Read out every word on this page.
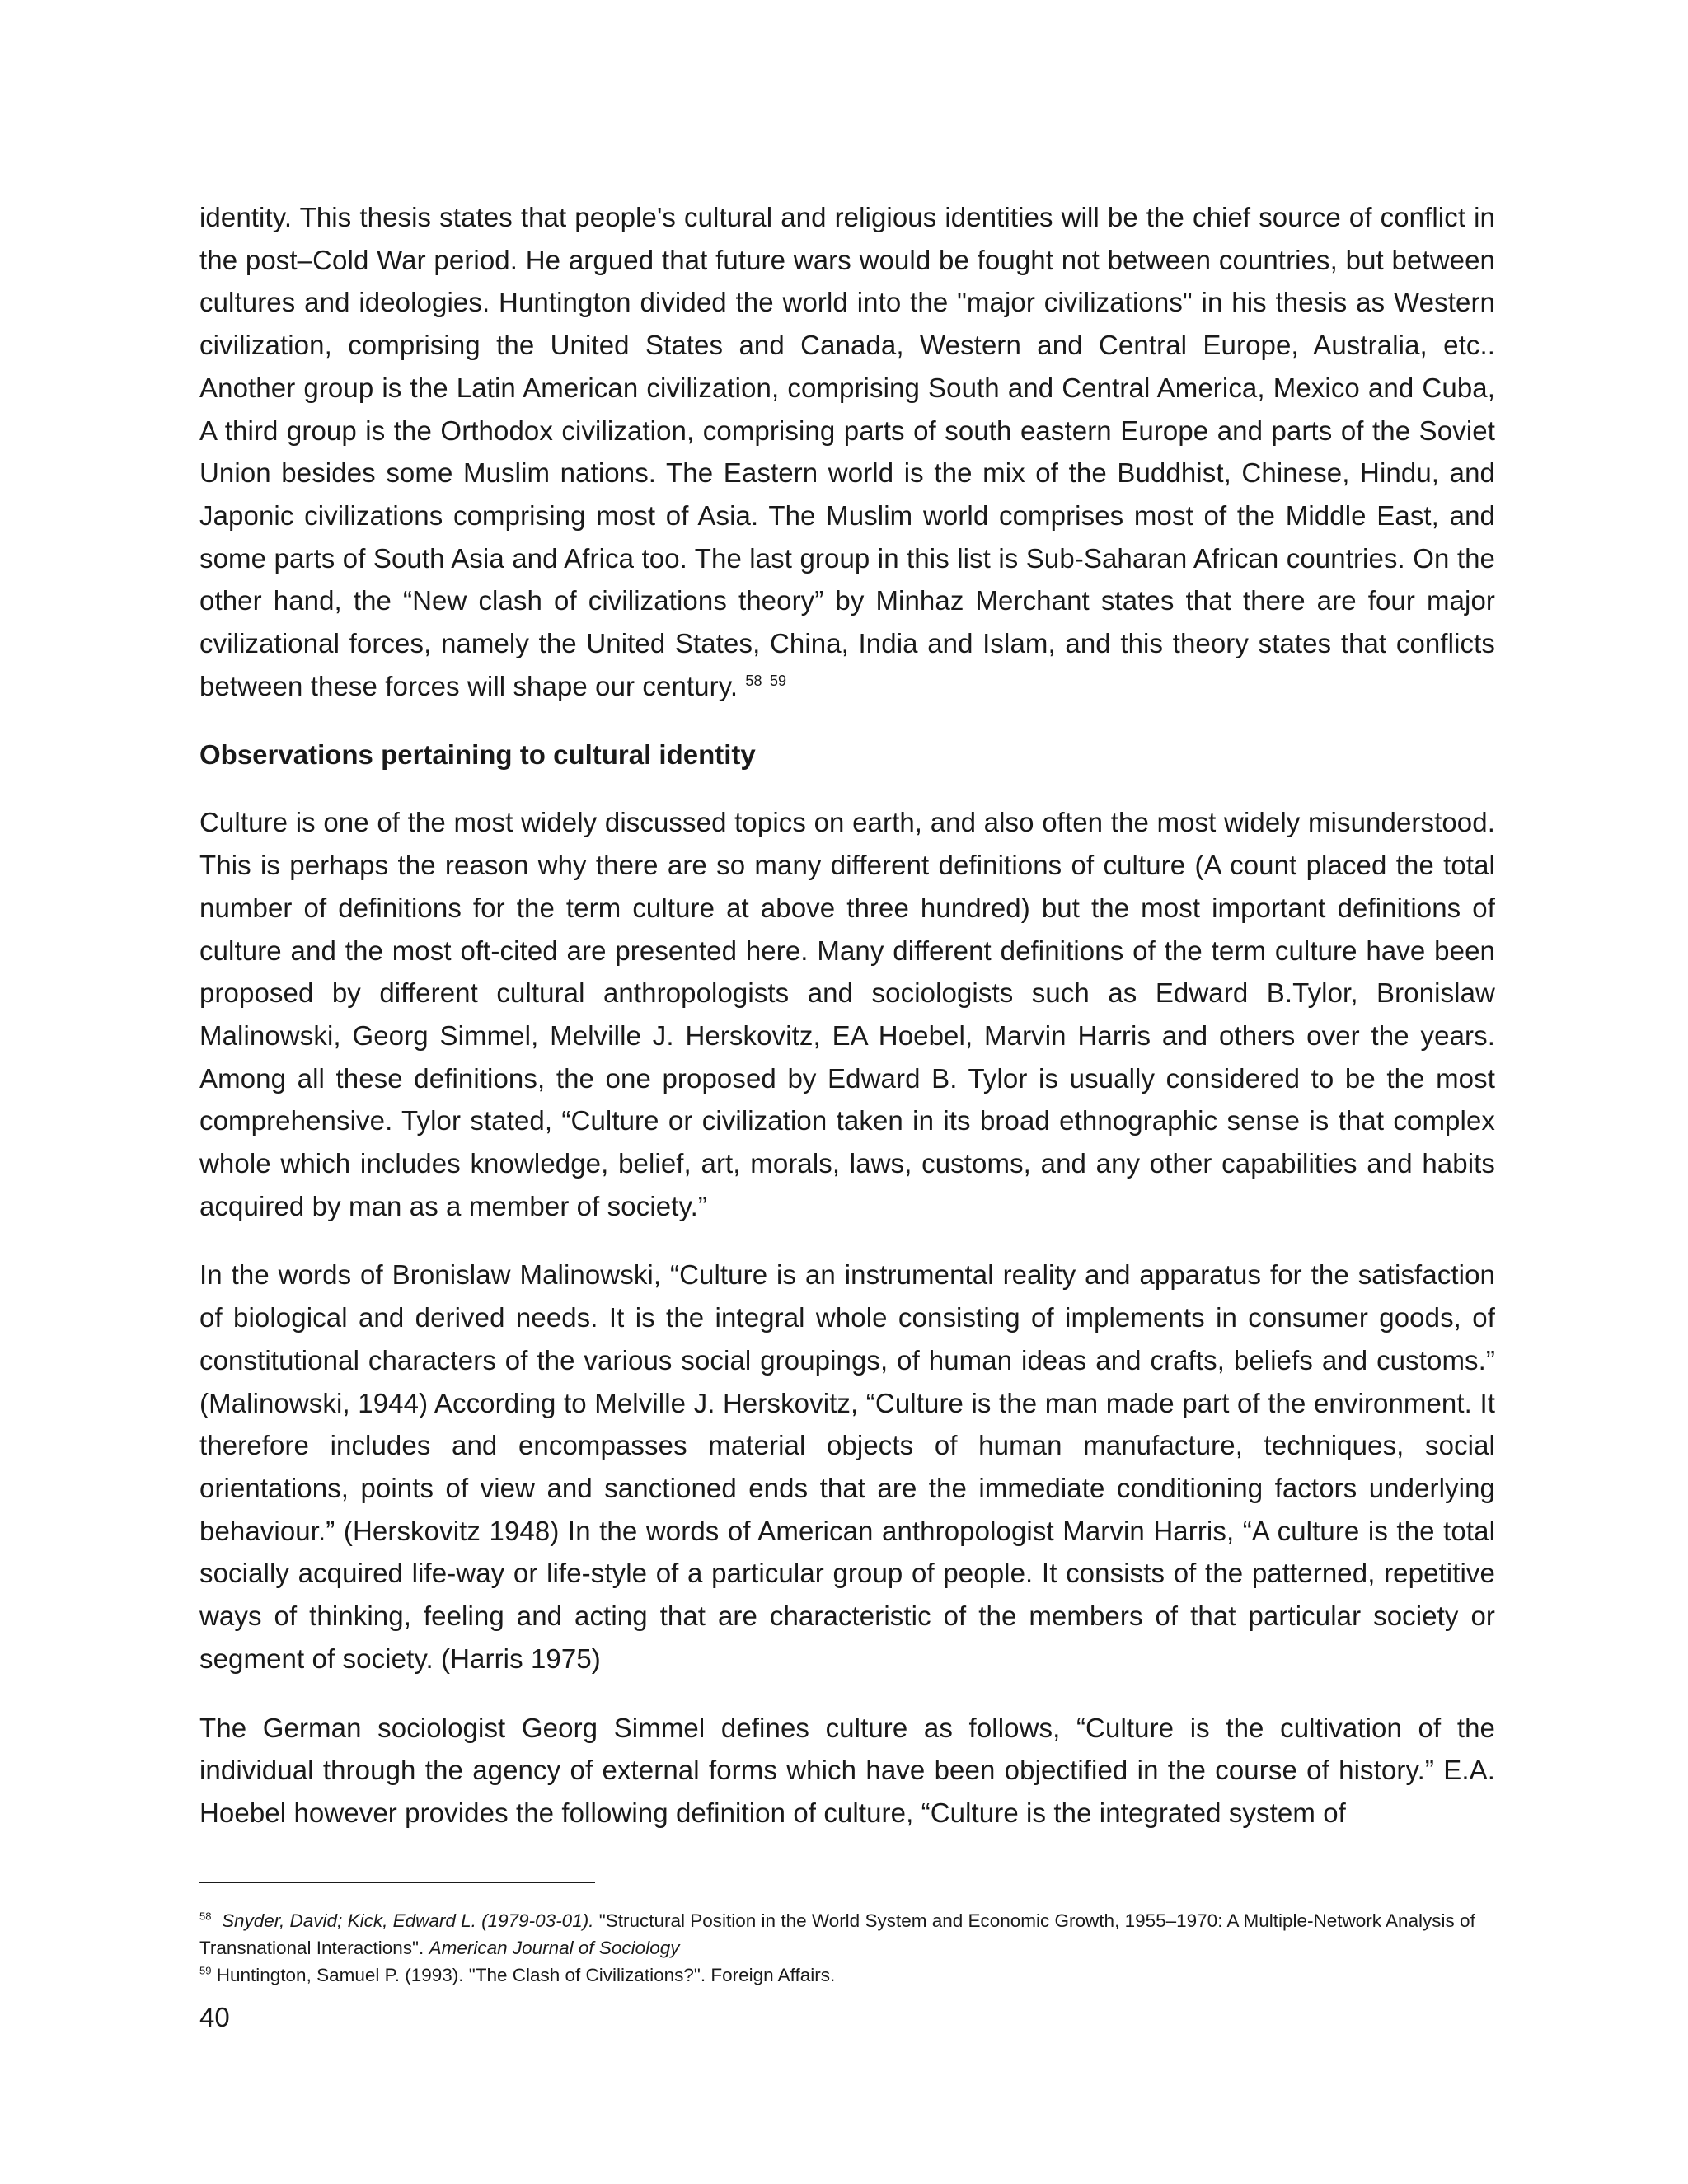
identity. This thesis states that people's cultural and religious identities will be the chief source of conflict in the post–Cold War period. He argued that future wars would be fought not between countries, but between cultures and ideologies. Huntington divided the world into the "major civilizations" in his thesis as Western civilization, comprising the United States and Canada, Western and Central Europe, Australia, etc.. Another group is the Latin American civilization, comprising South and Central America, Mexico and Cuba, A third group is the Orthodox civilization, comprising parts of south eastern Europe and parts of the Soviet Union besides some Muslim nations. The Eastern world is the mix of the Buddhist, Chinese, Hindu, and Japonic civilizations comprising most of Asia. The Muslim world comprises most of the Middle East, and some parts of South Asia and Africa too. The last group in this list is Sub-Saharan African countries. On the other hand, the “New clash of civilizations theory” by Minhaz Merchant states that there are four major cvilizational forces, namely the United States, China, India and Islam, and this theory states that conflicts between these forces will shape our century. $^{58}$ $^{59}$

Observations pertaining to cultural identity

Culture is one of the most widely discussed topics on earth, and also often the most widely misunderstood. This is perhaps the reason why there are so many different definitions of culture (A count placed the total number of definitions for the term culture at above three hundred) but the most important definitions of culture and the most oft-cited are presented here. Many different definitions of the term culture have been proposed by different cultural anthropologists and sociologists such as Edward B.Tylor, Bronislaw Malinowski, Georg Simmel, Melville J. Herskovitz, EA Hoebel, Marvin Harris and others over the years. Among all these definitions, the one proposed by Edward B. Tylor is usually considered to be the most comprehensive. Tylor stated, “Culture or civilization taken in its broad ethnographic sense is that complex whole which includes knowledge, belief, art, morals, laws, customs, and any other capabilities and habits acquired by man as a member of society.”

In the words of Bronislaw Malinowski, “Culture is an instrumental reality and apparatus for the satisfaction of biological and derived needs. It is the integral whole consisting of implements in consumer goods, of constitutional characters of the various social groupings, of human ideas and crafts, beliefs and customs.” (Malinowski, 1944) According to Melville J. Herskovitz, “Culture is the man made part of the environment. It therefore includes and encompasses material objects of human manufacture, techniques, social orientations, points of view and sanctioned ends that are the immediate conditioning factors underlying behaviour.” (Herskovitz 1948) In the words of American anthropologist Marvin Harris, “A culture is the total socially acquired life-way or life-style of a particular group of people. It consists of the patterned, repetitive ways of thinking, feeling and acting that are characteristic of the members of that particular society or segment of society. (Harris 1975)

The German sociologist Georg Simmel defines culture as follows, “Culture is the cultivation of the individual through the agency of external forms which have been objectified in the course of history.” E.A. Hoebel however provides the following definition of culture, “Culture is the integrated system of

$^{58}$ Snyder, David; Kick, Edward L. (1979-03-01). "Structural Position in the World System and Economic Growth, 1955–1970: A Multiple-Network Analysis of Transnational Interactions". American Journal of Sociology

$^{59}$ Huntington, Samuel P. (1993). "The Clash of Civilizations?". Foreign Affairs.

40
